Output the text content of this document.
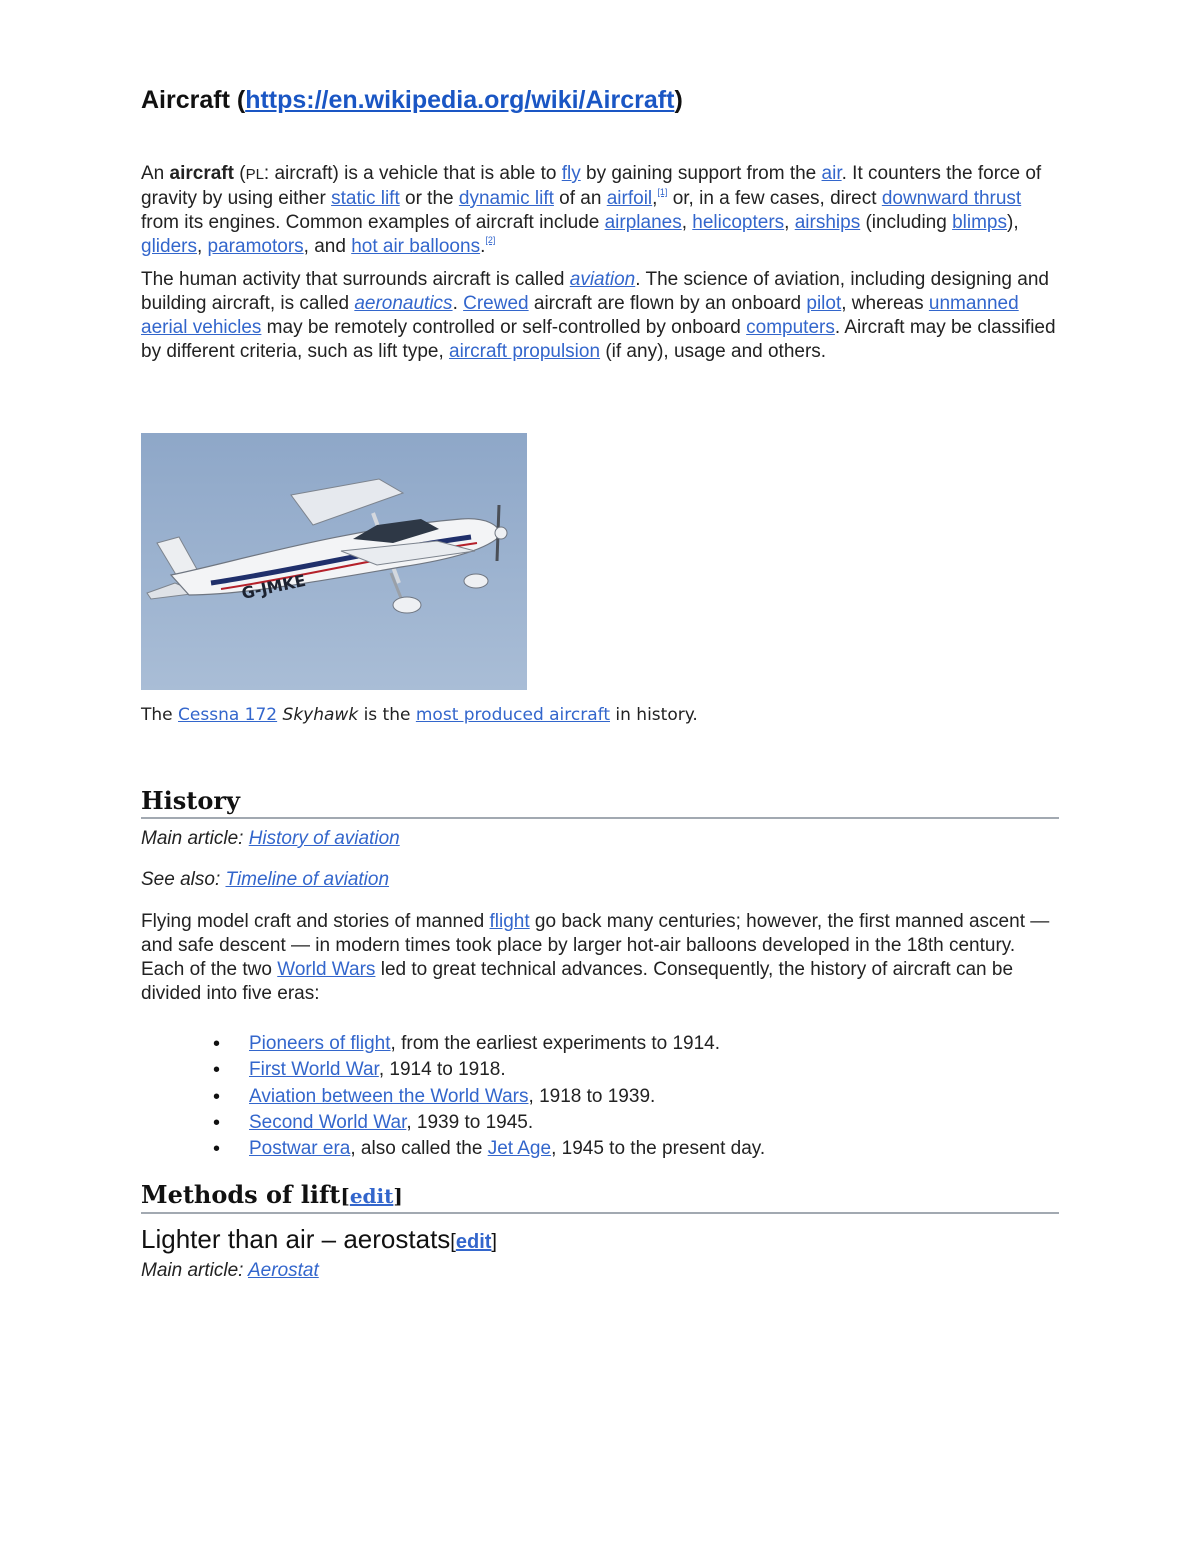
Aircraft (https://en.wikipedia.org/wiki/Aircraft)

An aircraft (PL: aircraft) is a vehicle that is able to fly by gaining support from the air. It counters the force of gravity by using either static lift or the dynamic lift of an airfoil,[1] or, in a few cases, direct downward thrust from its engines. Common examples of aircraft include airplanes, helicopters, airships (including blimps), gliders, paramotors, and hot air balloons.[2]

The human activity that surrounds aircraft is called aviation. The science of aviation, including designing and building aircraft, is called aeronautics. Crewed aircraft are flown by an onboard pilot, whereas unmanned aerial vehicles may be remotely controlled or self-controlled by onboard computers. Aircraft may be classified by different criteria, such as lift type, aircraft propulsion (if any), usage and others.

G-JMKE

The Cessna 172 Skyhawk is the most produced aircraft in history.

History

Main article: History of aviation

See also: Timeline of aviation

Flying model craft and stories of manned flight go back many centuries; however, the first manned ascent — and safe descent — in modern times took place by larger hot-air balloons developed in the 18th century. Each of the two World Wars led to great technical advances. Consequently, the history of aircraft can be divided into five eras:

• Pioneers of flight, from the earliest experiments to 1914.
• First World War, 1914 to 1918.
• Aviation between the World Wars, 1918 to 1939.
• Second World War, 1939 to 1945.
• Postwar era, also called the Jet Age, 1945 to the present day.
Methods of lift[edit]
Lighter than air – aerostats[edit]

Main article: Aerostat
